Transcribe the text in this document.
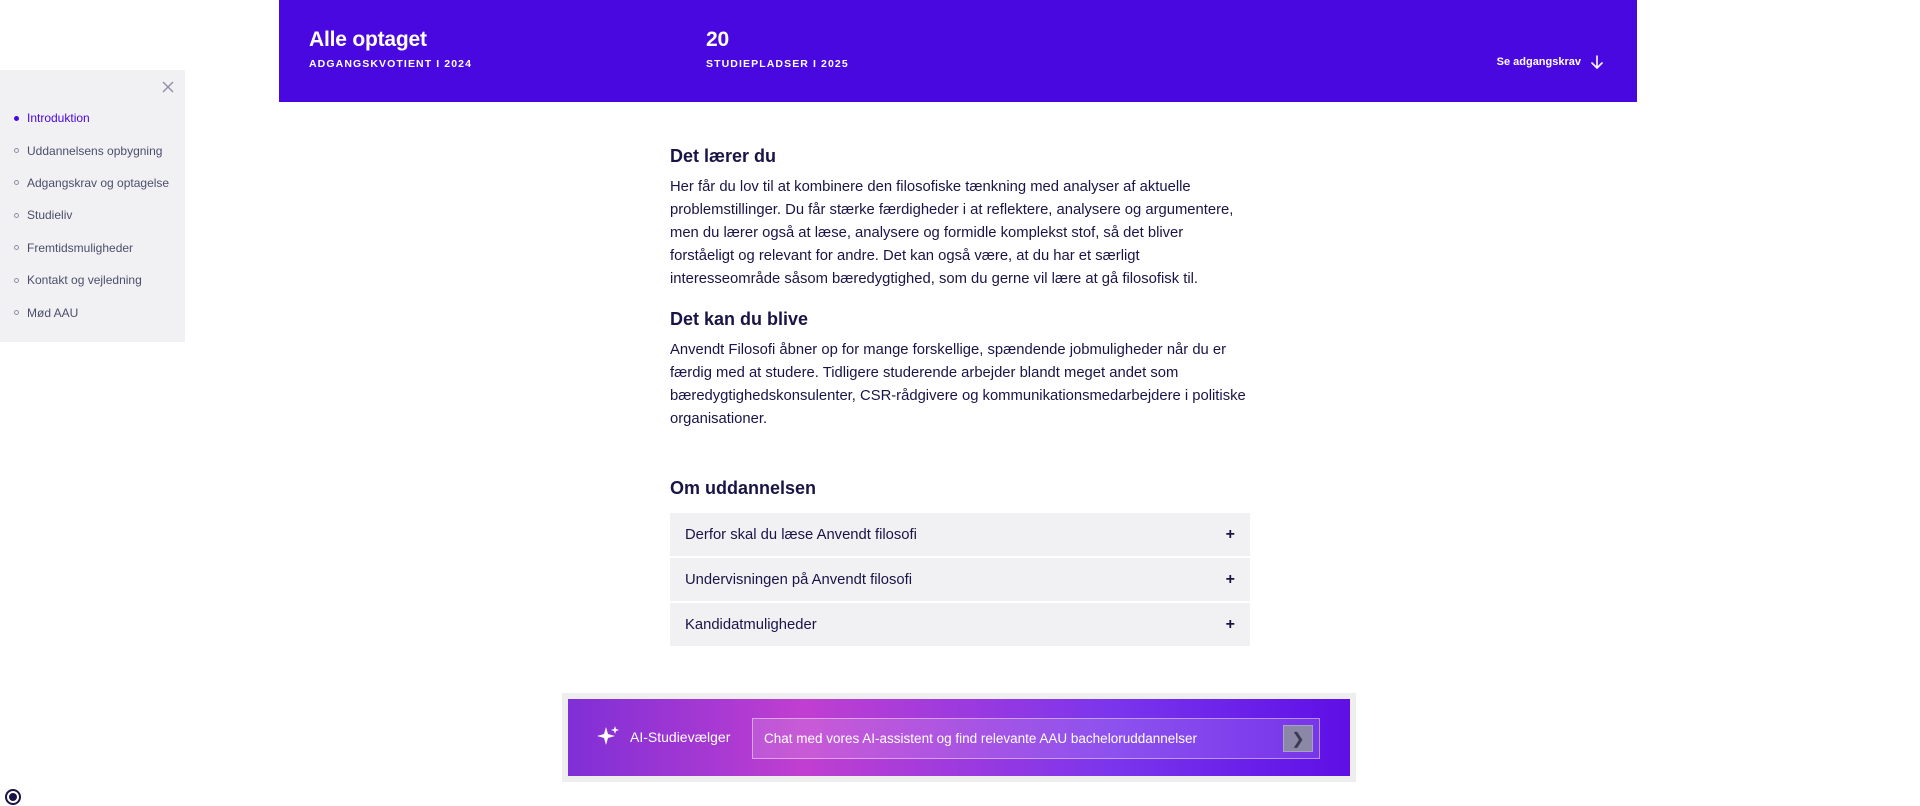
Alle optaget
ADGANGSKVOTIENT I 2024
20
STUDIEPLADSER I 2025	Se adgangskrav
Introduktion
Uddannelsens opbygning
Adgangskrav og optagelse
Studieliv
Fremtidsmuligheder
Kontakt og vejledning
Mød AAU
Det lærer du

Her får du lov til at kombinere den filosofiske tænkning med analyser af aktuelle problemstillinger. Du får stærke færdigheder i at reflektere, analysere og argumentere, men du lærer også at læse, analysere og formidle komplekst stof, så det bliver forståeligt og relevant for andre. Det kan også være, at du har et særligt interesseområde såsom bæredygtighed, som du gerne vil lære at gå filosofisk til.

Det kan du blive

Anvendt Filosofi åbner op for mange forskellige, spændende jobmuligheder når du er færdig med at studere. Tidligere studerende arbejder blandt meget andet som bæredygtighedskonsulenter, CSR-rådgivere og kommunikationsmedarbejdere i politiske organisationer.

Om uddannelsen
Derfor skal du læse Anvendt filosofi	+
Undervisningen på Anvendt filosofi	+
Kandidatmuligheder	+
AI-Studievælger Chat med vores AI-assistent og find relevante AAU bacheloruddannelser	❯
